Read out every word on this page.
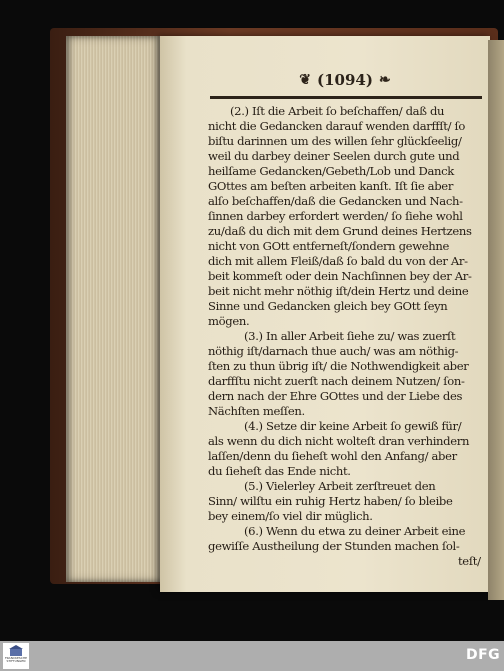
❦ (1094) ❧
(2.) Iſt die Arbeit ſo beſchaffen/ daß du
nicht die Gedancken darauf wenden darffſt/ ſo
biſtu darinnen um des willen ſehr glückſeelig/
weil du darbey deiner Seelen durch gute und
heilſame Gedancken/Gebeth/Lob und Danck
GOttes am beſten arbeiten kanſt. Iſt ſie aber
alſo beſchaffen/daß die Gedancken und Nach-
ſinnen darbey erfordert werden/ ſo ſiehe wohl
zu/daß du dich mit dem Grund deines Hertzens
nicht von GOtt entferneſt/ſondern gewehne
dich mit allem Fleiß/daß ſo bald du von der Ar-
beit kommeſt oder dein Nachſinnen bey der Ar-
beit nicht mehr nöthig iſt/dein Hertz und deine
Sinne und Gedancken gleich bey GOtt ſeyn
mögen.
(3.) In aller Arbeit ſiehe zu/ was zuerſt
nöthig iſt/darnach thue auch/ was am nöthig-
ſten zu thun übrig iſt/ die Nothwendigkeit aber
darffſtu nicht zuerſt nach deinem Nutzen/ ſon-
dern nach der Ehre GOttes und der Liebe des
Nächſten meſſen.
(4.) Setze dir keine Arbeit ſo gewiß für/
als wenn du dich nicht wolteſt dran verhindern
laſſen/denn du ſieheſt wohl den Anfang/ aber
du ſieheſt das Ende nicht.
(5.) Vielerley Arbeit zerſtreuet den
Sinn/ wilſtu ein ruhig Hertz haben/ ſo bleibe
bey einem/ſo viel dir müglich.
(6.) Wenn du etwa zu deiner Arbeit eine
gewiſſe Austheilung der Stunden machen ſol-
teſt/
FRANCKESCHE STIFTUNGEN	DFG
